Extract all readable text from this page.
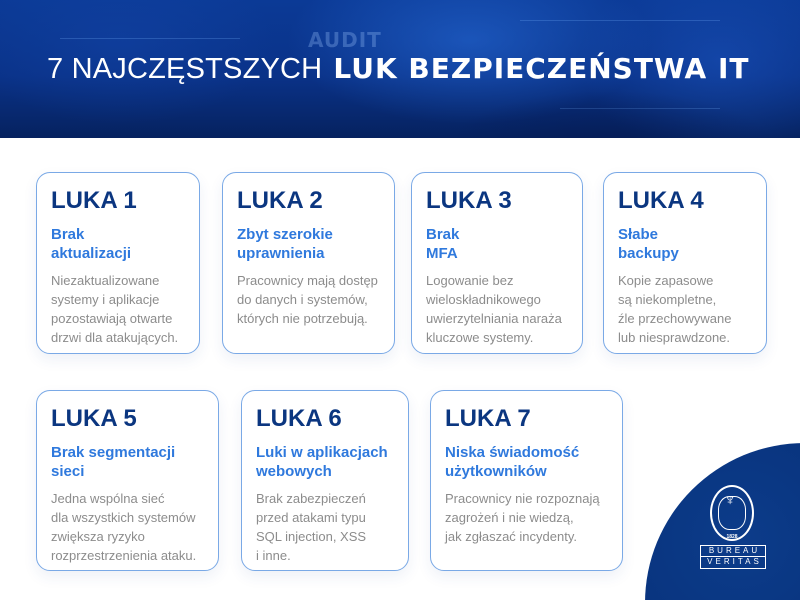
AUDIT
7 NAJCZĘSTSZYCH LUK BEZPIECZEŃSTWA IT
LUKA 1
Brak
aktualizacji
Niezaktualizowane
systemy i aplikacje
pozostawiają otwarte
drzwi dla atakujących.
LUKA 2
Zbyt szerokie
uprawnienia
Pracownicy mają dostęp
do danych i systemów,
których nie potrzebują.
LUKA 3
Brak
MFA
Logowanie bez
wieloskładnikowego
uwierzytelniania naraża
kluczowe systemy.
LUKA 4
Słabe
backupy
Kopie zapasowe
są niekompletne,
źle przechowywane
lub niesprawdzone.
♆
1828
BUREAU
VERITAS
LUKA 5
Brak segmentacji
sieci
Jedna wspólna sieć
dla wszystkich systemów
zwiększa ryzyko
rozprzestrzenienia ataku.
LUKA 6
Luki w aplikacjach
webowych
Brak zabezpieczeń
przed atakami typu
SQL injection, XSS
i inne.
LUKA 7
Niska świadomość
użytkowników
Pracownicy nie rozpoznają
zagrożeń i nie wiedzą,
jak zgłaszać incydenty.
